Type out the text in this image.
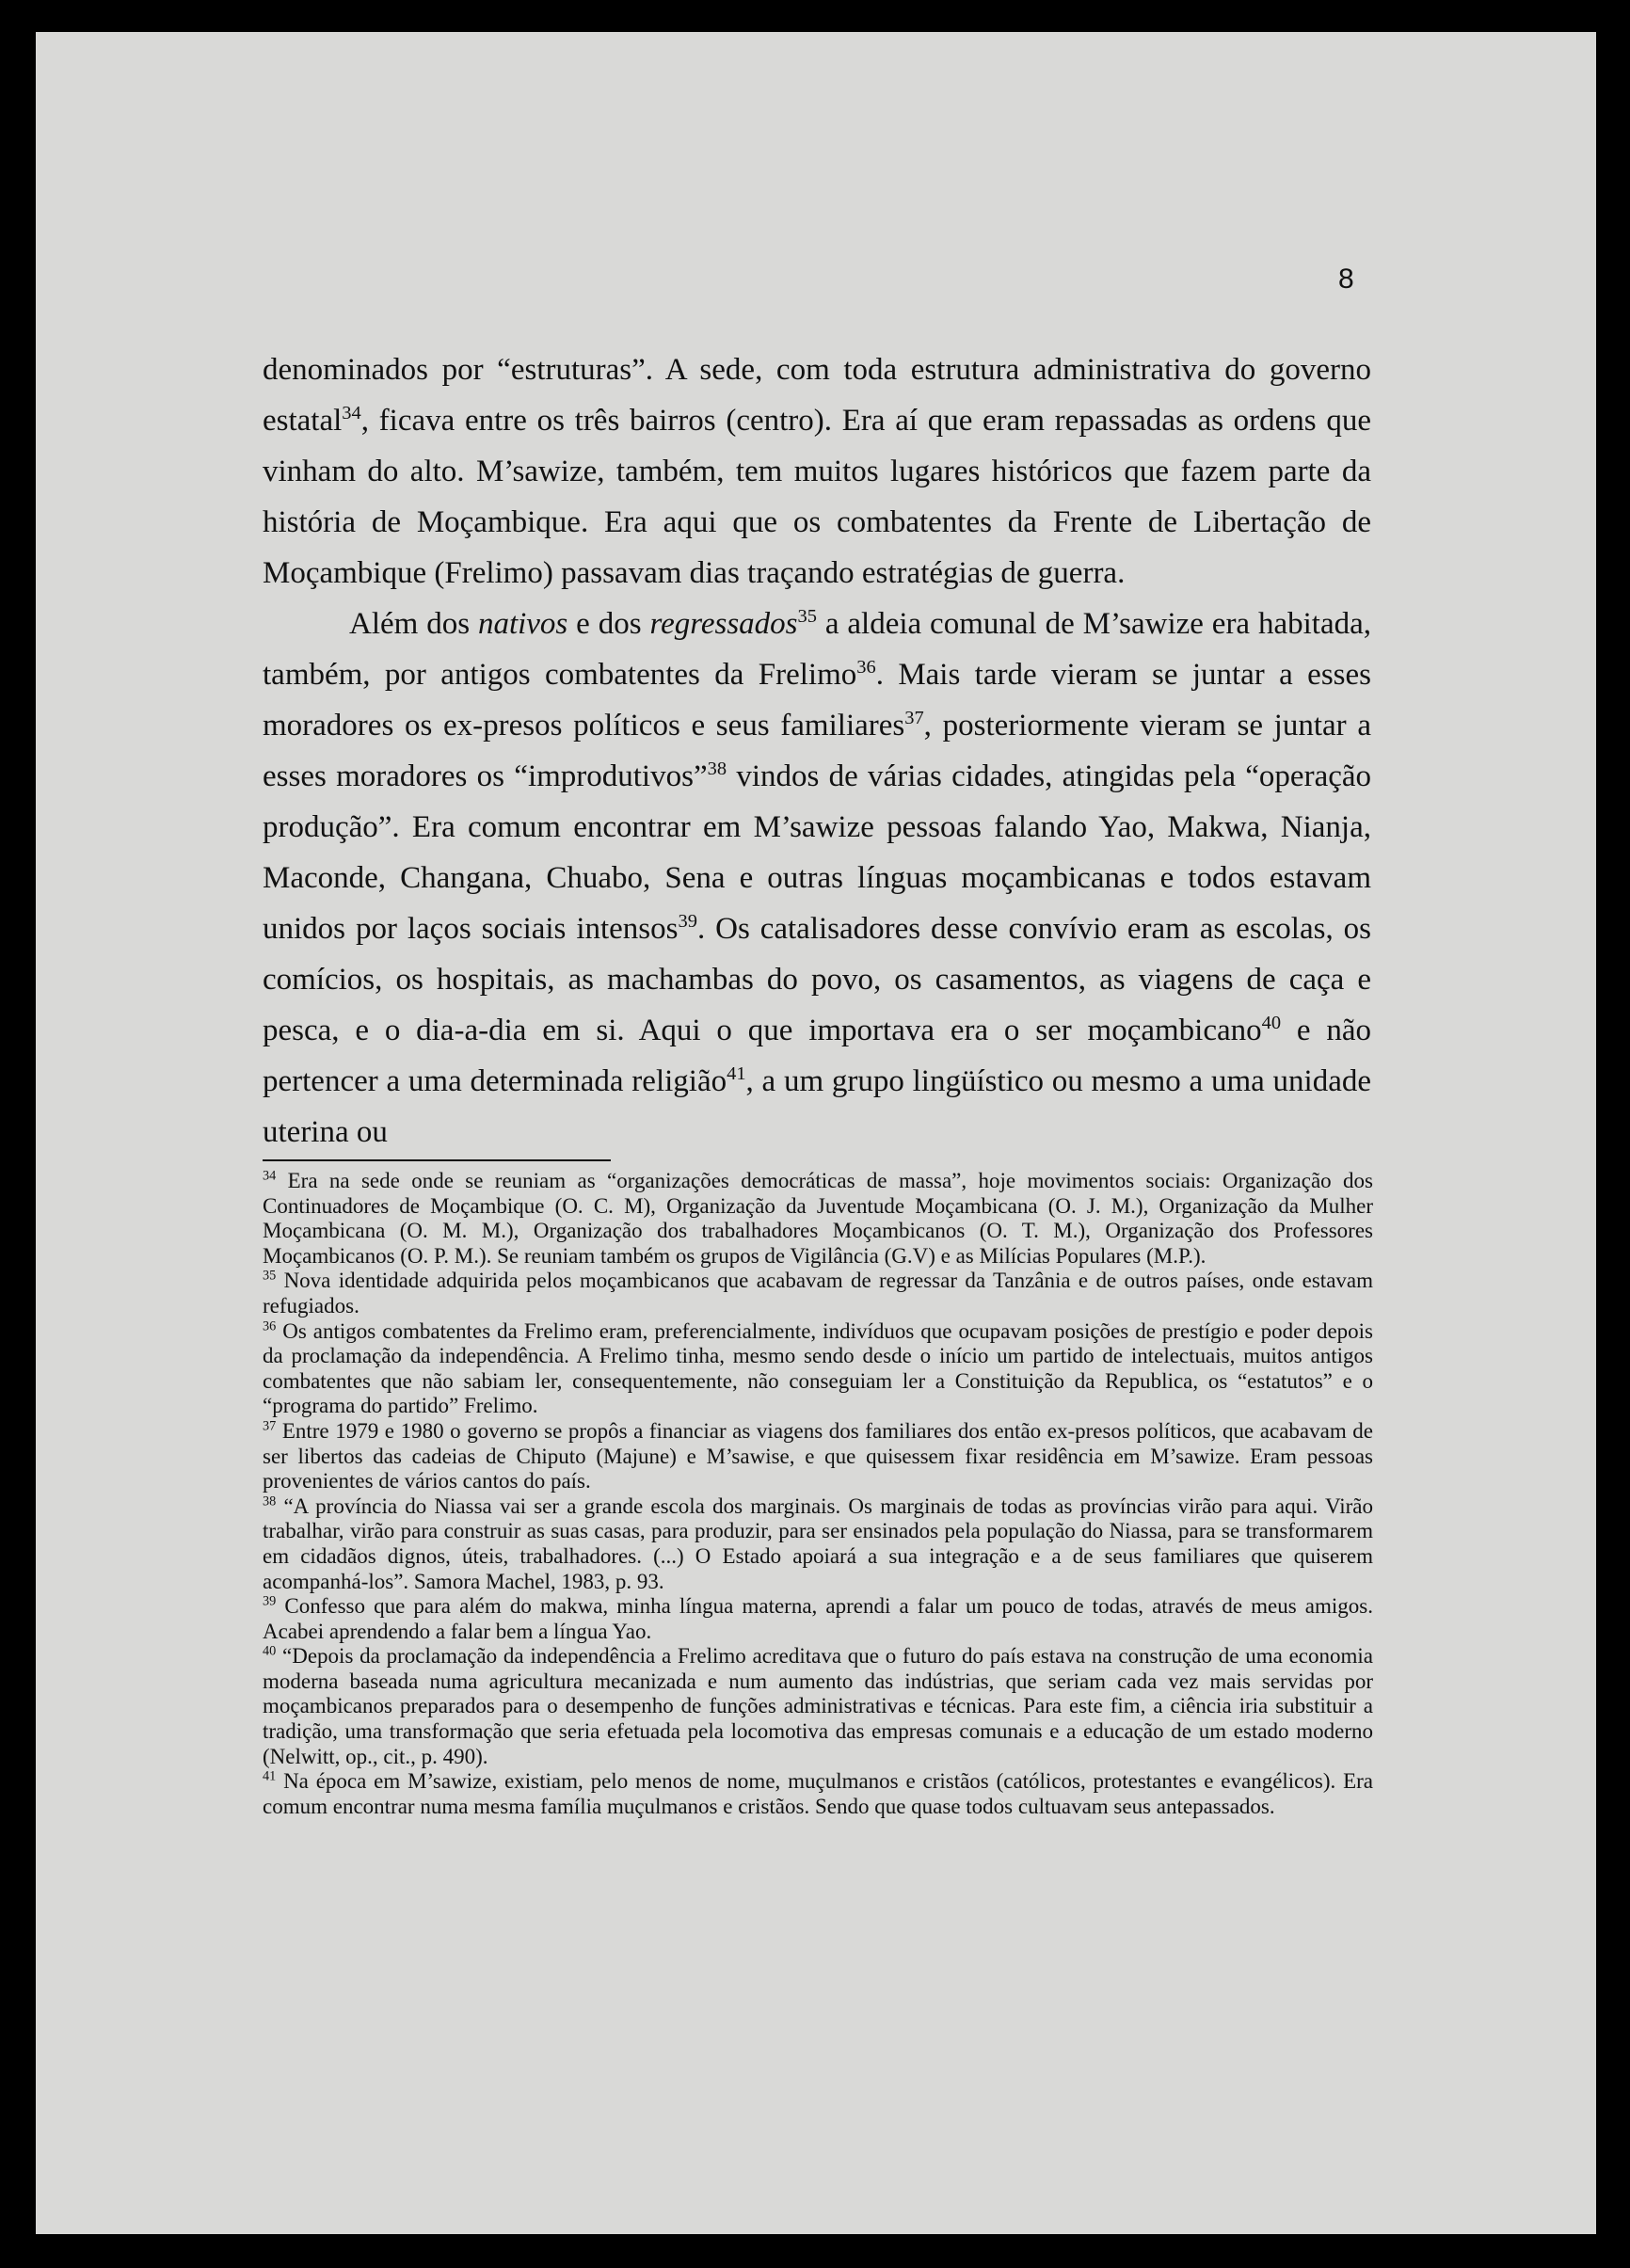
8

denominados por “estruturas”. A sede, com toda estrutura administrativa do governo estatal$^{34}$, ficava entre os três bairros (centro). Era aí que eram repassadas as ordens que vinham do alto. M’sawize, também, tem muitos lugares históricos que fazem parte da história de Moçambique. Era aqui que os combatentes da Frente de Libertação de Moçambique (Frelimo) passavam dias traçando estratégias de guerra.

Além dos nativos e dos regressados$^{35}$ a aldeia comunal de M’sawize era habitada, também, por antigos combatentes da Frelimo$^{36}$. Mais tarde vieram se juntar a esses moradores os ex-presos políticos e seus familiares$^{37}$, posteriormente vieram se juntar a esses moradores os “improdutivos”$^{38}$ vindos de várias cidades, atingidas pela “operação produção”. Era comum encontrar em M’sawize pessoas falando Yao, Makwa, Nianja, Maconde, Changana, Chuabo, Sena e outras línguas moçambicanas e todos estavam unidos por laços sociais intensos$^{39}$. Os catalisadores desse convívio eram as escolas, os comícios, os hospitais, as machambas do povo, os casamentos, as viagens de caça e pesca, e o dia-a-dia em si. Aqui o que importava era o ser moçambicano$^{40}$ e não pertencer a uma determinada religião$^{41}$, a um grupo lingüístico ou mesmo a uma unidade uterina ou

$^{34}$ Era na sede onde se reuniam as “organizações democráticas de massa”, hoje movimentos sociais: Organização dos Continuadores de Moçambique (O. C. M), Organização da Juventude Moçambicana (O. J. M.), Organização da Mulher Moçambicana (O. M. M.), Organização dos trabalhadores Moçambicanos (O. T. M.), Organização dos Professores Moçambicanos (O. P. M.). Se reuniam também os grupos de Vigilância (G.V) e as Milícias Populares (M.P.).

$^{35}$ Nova identidade adquirida pelos moçambicanos que acabavam de regressar da Tanzânia e de outros países, onde estavam refugiados.

$^{36}$ Os antigos combatentes da Frelimo eram, preferencialmente, indivíduos que ocupavam posições de prestígio e poder depois da proclamação da independência. A Frelimo tinha, mesmo sendo desde o início um partido de intelectuais, muitos antigos combatentes que não sabiam ler, consequentemente, não conseguiam ler a Constituição da Republica, os “estatutos” e o “programa do partido” Frelimo.

$^{37}$ Entre 1979 e 1980 o governo se propôs a financiar as viagens dos familiares dos então ex-presos políticos, que acabavam de ser libertos das cadeias de Chiputo (Majune) e M’sawise, e que quisessem fixar residência em M’sawize. Eram pessoas provenientes de vários cantos do país.

$^{38}$ “A província do Niassa vai ser a grande escola dos marginais. Os marginais de todas as províncias virão para aqui. Virão trabalhar, virão para construir as suas casas, para produzir, para ser ensinados pela população do Niassa, para se transformarem em cidadãos dignos, úteis, trabalhadores. (...) O Estado apoiará a sua integração e a de seus familiares que quiserem acompanhá-los”. Samora Machel, 1983, p. 93.

$^{39}$ Confesso que para além do makwa, minha língua materna, aprendi a falar um pouco de todas, através de meus amigos. Acabei aprendendo a falar bem a língua Yao.

$^{40}$ “Depois da proclamação da independência a Frelimo acreditava que o futuro do país estava na construção de uma economia moderna baseada numa agricultura mecanizada e num aumento das indústrias, que seriam cada vez mais servidas por moçambicanos preparados para o desempenho de funções administrativas e técnicas. Para este fim, a ciência iria substituir a tradição, uma transformação que seria efetuada pela locomotiva das empresas comunais e a educação de um estado moderno (Nelwitt, op., cit., p. 490).

$^{41}$ Na época em M’sawize, existiam, pelo menos de nome, muçulmanos e cristãos (católicos, protestantes e evangélicos). Era comum encontrar numa mesma família muçulmanos e cristãos. Sendo que quase todos cultuavam seus antepassados.
